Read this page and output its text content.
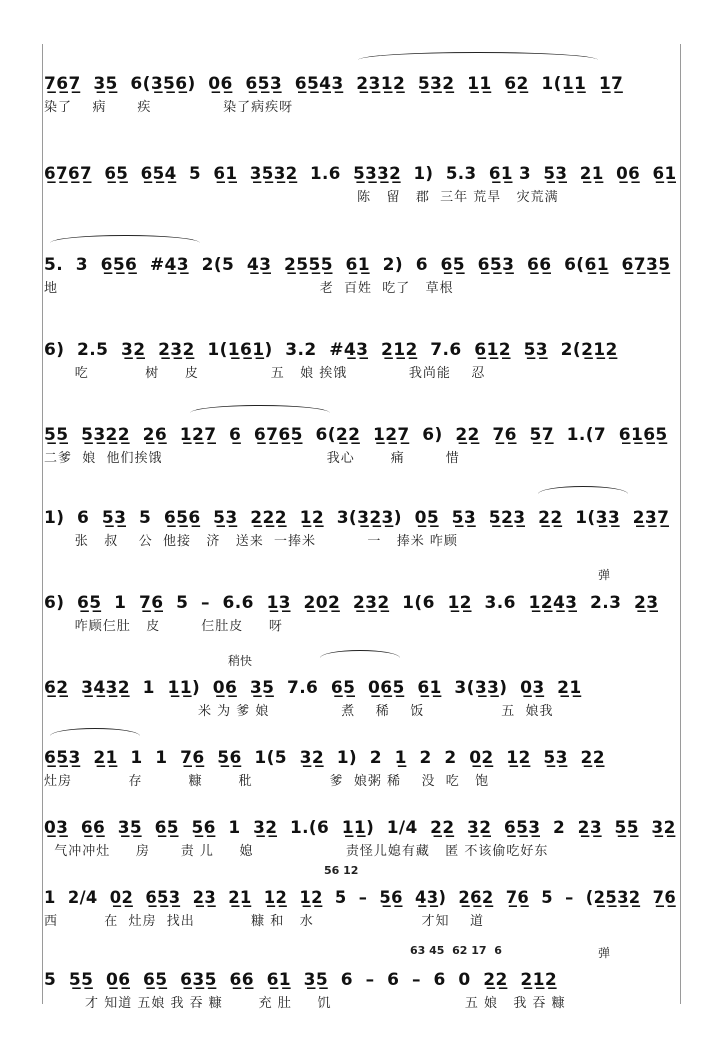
7̲6̲7̲  3̲5̲  6(3̲5̲6̲)  0̲6̲  6̲5̲3̲  6̲5̲4̲3̲  2̲3̲1̲2̲  5̲3̲2̲  1̲1̲  6̲2̲  1(1̲1̲  1̲7̲
染了    病      疾              染了病疾呀
6̲7̲6̲7̲  6̲5̲  6̲5̲4̲  5  6̲1̲  3̲5̲3̲2̲  1.6  5̲3̲3̲2̲  1)  5.3  6̲1̲ 3  5̲3̲  2̲1̲  0̲6̲  6̲1̲
陈   留   郡  三年 荒旱   灾荒满
5.  3  6̲5̲6̲  #4̲3̲  2(5  4̲3̲  2̲5̲5̲5̲  6̲1̲  2)  6  6̲5̲  6̲5̲3̲  6̲6̲  6(6̲1̲  6̲7̲3̲5̲
地                                                   老  百姓  吃了   草根
6)  2.5  3̲2̲  2̲3̲2̲  1(1̲6̲1̲)  3.2  #4̲3̲  2̲1̲2̲  7.6  6̲1̲2̲  5̲3̲  2(2̲1̲2̲
吃           树     皮              五   娘 挨饿            我尚能    忍
5̲5̲  5̲3̲2̲2̲  2̲6̲  1̲2̲7̲  6̲  6̲7̲6̲5̲  6(2̲2̲  1̲2̲7̲  6)  2̲2̲  7̲6̲  5̲7̲  1.(7  6̲1̲6̲5̲
二爹  娘  他们挨饿                                我心       痛        惜
1)  6  5̲3̲  5  6̲5̲6̲  5̲3̲  2̲2̲2̲  1̲2̲  3(3̲2̲3̲)  0̲5̲  5̲3̲  5̲2̲3̲  2̲2̲  1(3̲3̲  2̲3̲7̲
张   叔    公  他接   济   送来  一捧米          一   捧米 咋顾
6)  6̲5̲  1  7̲6̲  5  –  6.6  1̲3̲  2̲0̲2̲  2̲3̲2̲  1(6  1̲2̲  3.6  1̲2̲4̲3̲  2.3  2̲3̲
咋顾仨肚   皮        仨肚皮     呀
弹
6̲2̲  3̲4̲3̲2̲  1  1̲1̲)  0̲6̲  3̲5̲  7.6  6̲5̲  0̲6̲5̲  6̲1̲  3(3̲3̲)  0̲3̲  2̲1̲
米 为 爹 娘              煮    稀    饭               五  娘我
稍快
6̲5̲3̲  2̲1̲  1  1  7̲6̲  5̲6̲  1(5  3̲2̲  1)  2  1̲  2  2  0̲2̲  1̲2̲  5̲3̲  2̲2̲
灶房           存         糠       秕               爹  娘粥 稀    没  吃   饱
0̲3̲  6̲6̲  3̲5̲  6̲5̲  5̲6̲  1  3̲2̲  1.(6  1̲1̲)  1/4  2̲2̲  3̲2̲  6̲5̲3̲  2  2̲3̲  5̲5̲  3̲2̲
气冲冲灶     房      责 儿     媳                  责怪儿媳有藏   匿 不该偷吃好东
1  2/4  0̲2̲  6̲5̲3̲  2̲3̲  2̲1̲  1̲2̲  1̲2̲  5  –  5̲6̲  4̲3̲)  2̲6̲2̲  7̲6̲  5  –  (2̲5̲3̲2̲  7̲6̲
西         在  灶房  找出           糠 和   水                     才知    道
56 12
5  5̲5̲  0̲6̲  6̲5̲  6̲3̲5̲  6̲6̲  6̲1̲  3̲5̲  6  –  6  –  6  0  2̲2̲  2̲1̲2̲
才 知道 五娘 我 吞 糠       充 肚     饥                          五 娘   我 吞 糠
63 45  62 17  6	弹
